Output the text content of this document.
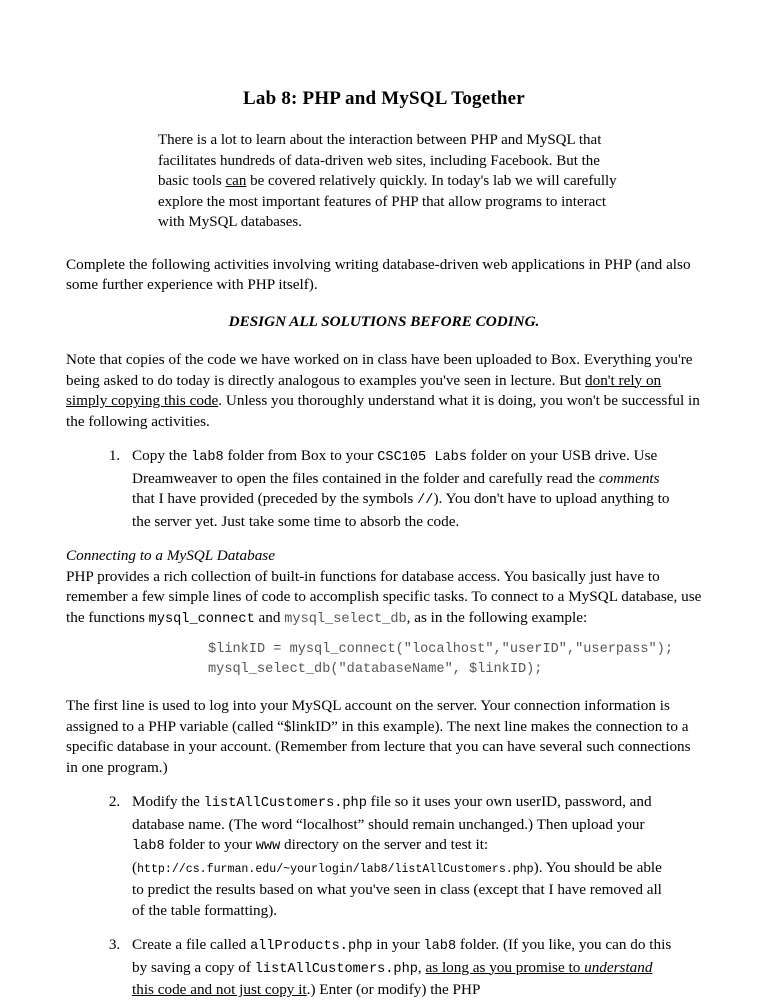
Lab 8: PHP and MySQL Together
There is a lot to learn about the interaction between PHP and MySQL that facilitates hundreds of data-driven web sites, including Facebook. But the basic tools can be covered relatively quickly. In today's lab we will carefully explore the most important features of PHP that allow programs to interact with MySQL databases.

Complete the following activities involving writing database-driven web applications in PHP (and also some further experience with PHP itself).

DESIGN ALL SOLUTIONS BEFORE CODING.

Note that copies of the code we have worked on in class have been uploaded to Box. Everything you're being asked to do today is directly analogous to examples you've seen in lecture. But don't rely on simply copying this code. Unless you thoroughly understand what it is doing, you won't be successful in the following activities.

1. Copy the lab8 folder from Box to your CSC105 Labs folder on your USB drive. Use Dreamweaver to open the files contained in the folder and carefully read the comments that I have provided (preceded by the symbols //). You don't have to upload anything to the server yet. Just take some time to absorb the code.

Connecting to a MySQL Database

PHP provides a rich collection of built-in functions for database access. You basically just have to remember a few simple lines of code to accomplish specific tasks. To connect to a MySQL database, use the functions mysql_connect and mysql_select_db, as in the following example:

$linkID = mysql_connect("localhost","userID","userpass");
mysql_select_db("databaseName", $linkID);

The first line is used to log into your MySQL account on the server. Your connection information is assigned to a PHP variable (called “$linkID” in this example). The next line makes the connection to a specific database in your account. (Remember from lecture that you can have several such connections in one program.)

2. Modify the listAllCustomers.php file so it uses your own userID, password, and database name. (The word “localhost” should remain unchanged.) Then upload your lab8 folder to your www directory on the server and test it: (http://cs.furman.edu/~yourlogin/lab8/listAllCustomers.php). You should be able to predict the results based on what you've seen in class (except that I have removed all of the table formatting).
3. Create a file called allProducts.php in your lab8 folder. (If you like, you can do this by saving a copy of listAllCustomers.php, as long as you promise to understand this code and not just copy it.) Enter (or modify) the PHP
